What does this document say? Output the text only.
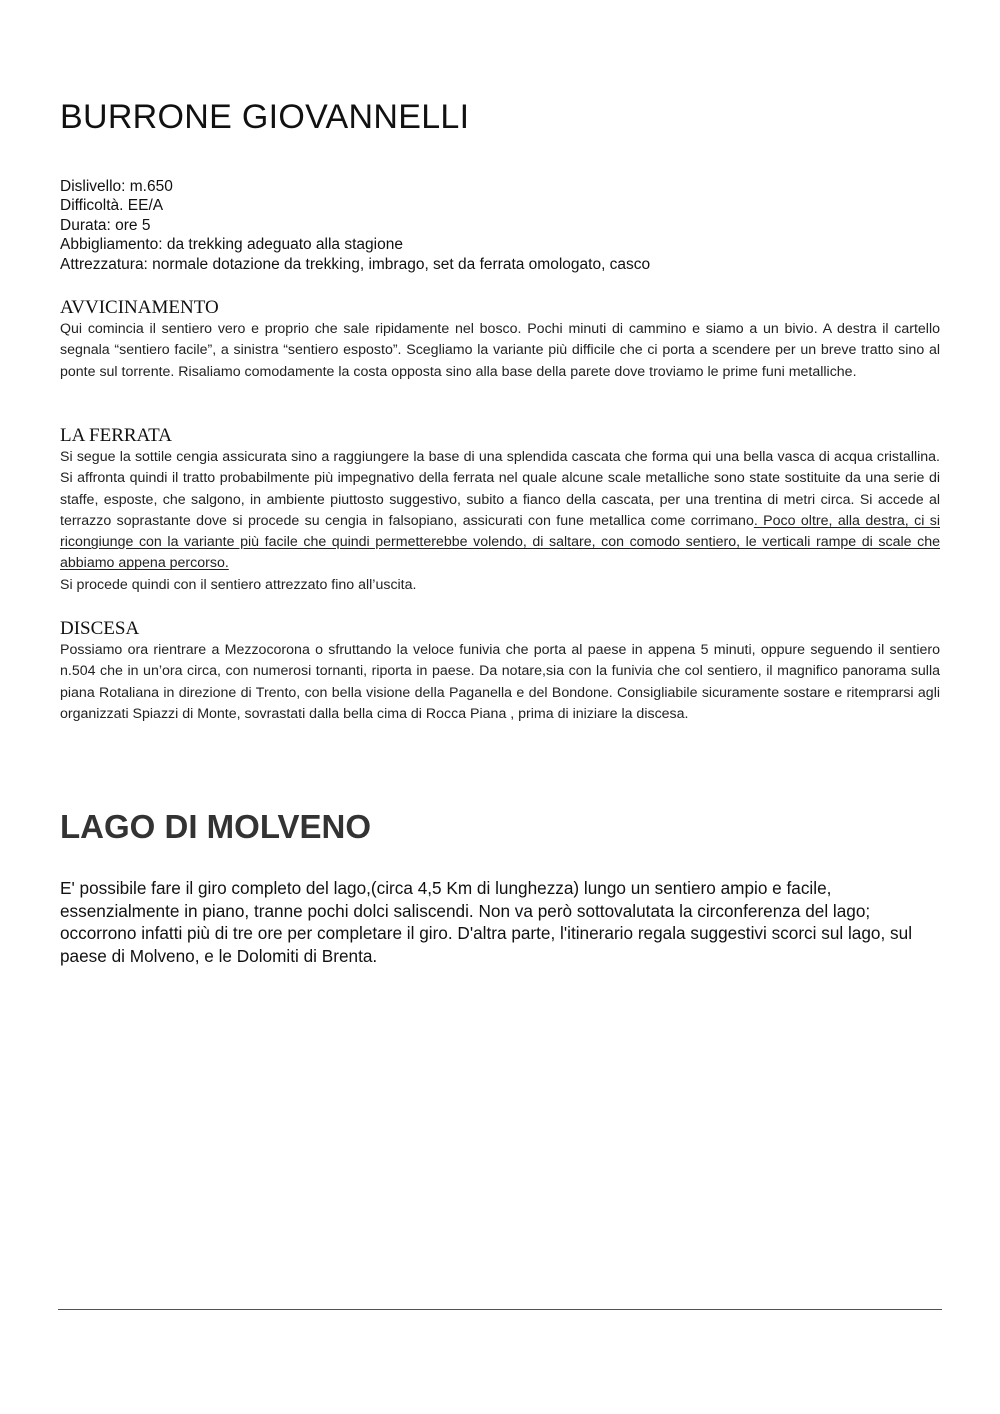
BURRONE GIOVANNELLI
Dislivello: m.650
Difficoltà. EE/A
Durata: ore 5
Abbigliamento: da trekking adeguato alla stagione
Attrezzatura: normale dotazione da trekking, imbrago, set da ferrata omologato, casco
AVVICINAMENTO

Qui comincia il sentiero vero e proprio che sale ripidamente nel bosco. Pochi minuti di cammino e siamo a un bivio. A destra il cartello segnala “sentiero facile”, a sinistra “sentiero esposto”. Scegliamo la variante più difficile che ci porta a scendere per un breve tratto sino al ponte sul torrente. Risaliamo comodamente la costa opposta sino alla base della parete dove troviamo le prime funi metalliche.

LA FERRATA

Si segue la sottile cengia assicurata sino a raggiungere la base di una splendida cascata che forma qui una bella vasca di acqua cristallina. Si affronta quindi il tratto probabilmente più impegnativo della ferrata nel quale alcune scale metalliche sono state sostituite da una serie di staffe, esposte, che salgono, in ambiente piuttosto suggestivo, subito a fianco della cascata, per una trentina di metri circa. Si accede al terrazzo soprastante dove si procede su cengia in falsopiano, assicurati con fune metallica come corrimano. Poco oltre, alla destra, ci si ricongiunge con la variante più facile che quindi permetterebbe volendo, di saltare, con comodo sentiero, le verticali rampe di scale che abbiamo appena percorso.

Si procede quindi con il sentiero attrezzato fino all’uscita.

DISCESA

Possiamo ora rientrare a Mezzocorona o sfruttando la veloce funivia che porta al paese in appena 5 minuti, oppure seguendo il sentiero n.504 che in un’ora circa, con numerosi tornanti, riporta in paese. Da notare,sia con la funivia che col sentiero, il magnifico panorama sulla piana Rotaliana in direzione di Trento, con bella visione della Paganella e del Bondone. Consigliabile sicuramente sostare e ritemprarsi agli organizzati Spiazzi di Monte, sovrastati dalla bella cima di Rocca Piana , prima di iniziare la discesa.

LAGO DI MOLVENO

E' possibile fare il giro completo del lago,(circa 4,5 Km di lunghezza) lungo un sentiero ampio e facile, essenzialmente in piano, tranne pochi dolci saliscendi. Non va però sottovalutata la circonferenza del lago; occorrono infatti più di tre ore per completare il giro. D'altra parte, l'itinerario regala suggestivi scorci sul lago, sul paese di Molveno, e le Dolomiti di Brenta.
